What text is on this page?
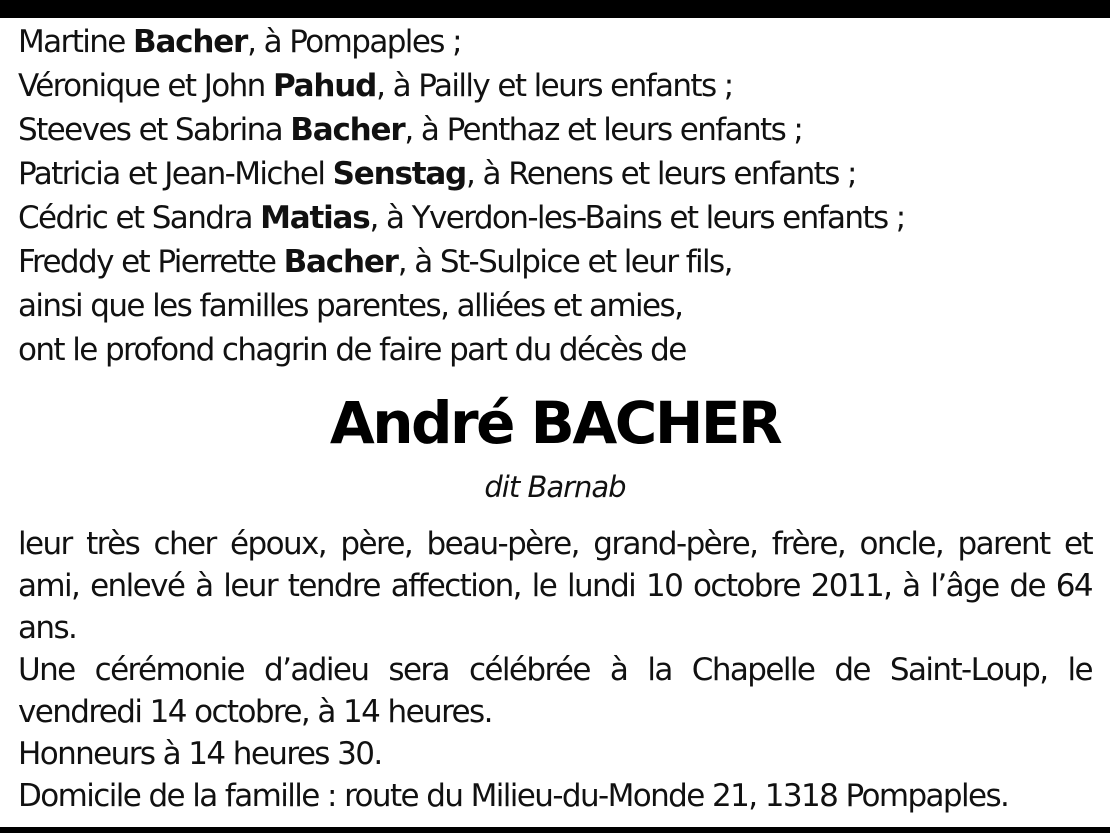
Martine Bacher, à Pompaples ;
Véronique et John Pahud, à Pailly et leurs enfants ;
Steeves et Sabrina Bacher, à Penthaz et leurs enfants ;
Patricia et Jean-Michel Senstag, à Renens et leurs enfants ;
Cédric et Sandra Matias, à Yverdon-les-Bains et leurs enfants ;
Freddy et Pierrette Bacher, à St-Sulpice et leur fils,
ainsi que les familles parentes, alliées et amies,
ont le profond chagrin de faire part du décès de
André BACHER
dit Barnab

leur très cher époux, père, beau-père, grand-père, frère, oncle, parent et ami, enlevé à leur tendre affection, le lundi 10 octobre 2011, à l’âge de 64 ans.

Une cérémonie d’adieu sera célébrée à la Chapelle de Saint-Loup, le vendredi 14 octobre, à 14 heures.

Honneurs à 14 heures 30.

Domicile de la famille : route du Milieu-du-Monde 21, 1318 Pompaples.
